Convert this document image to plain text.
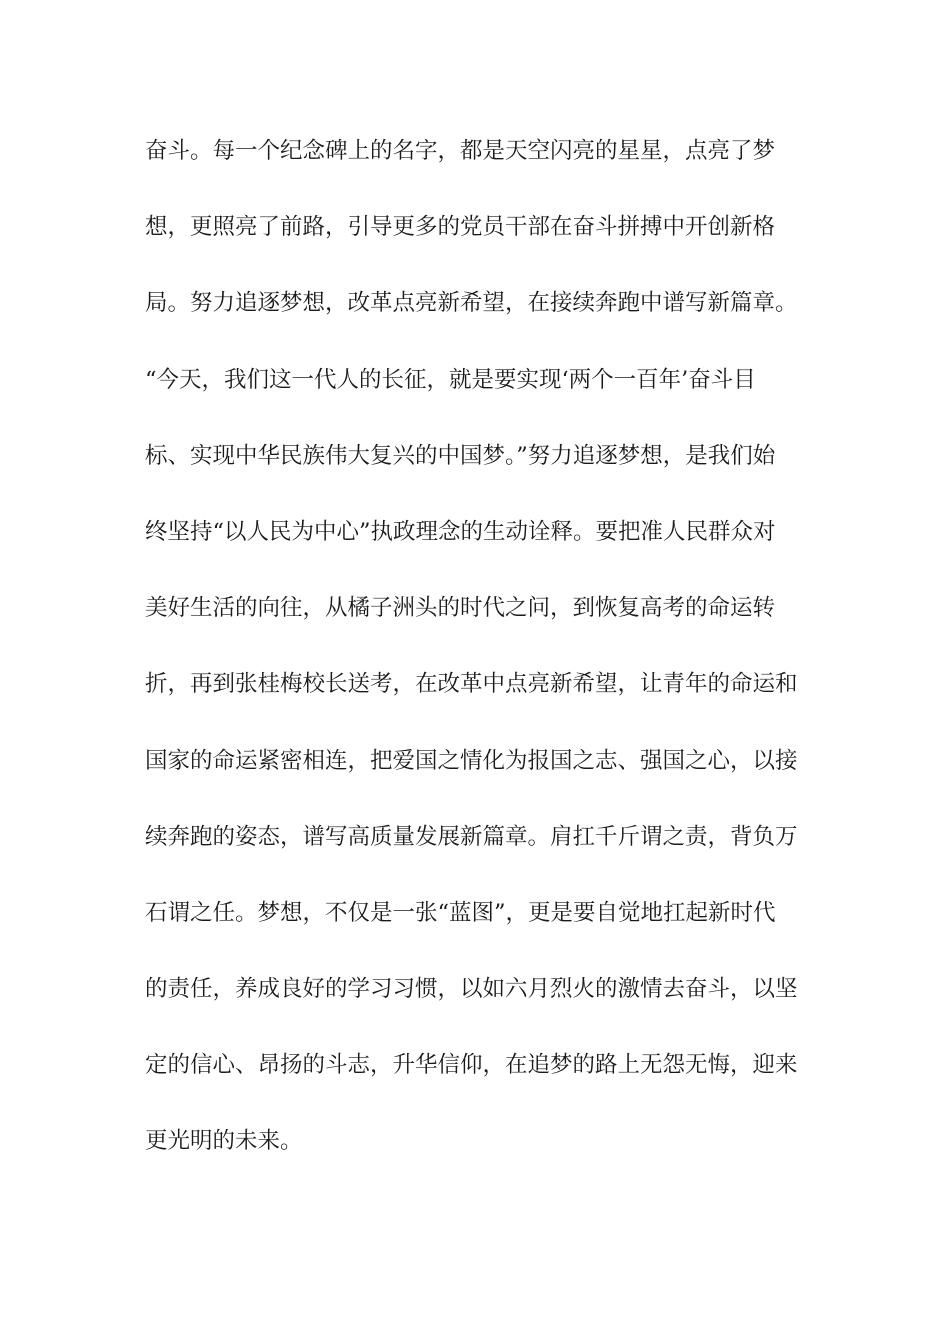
奋斗。每一个纪念碑上的名字，都是天空闪亮的星星，点亮了梦
想，更照亮了前路，引导更多的党员干部在奋斗拼搏中开创新格
局。努力追逐梦想，改革点亮新希望，在接续奔跑中谱写新篇章。
“今天，我们这一代人的长征，就是要实现‘两个一百年’奋斗目
标、实现中华民族伟大复兴的中国梦。”努力追逐梦想，是我们始
终坚持“以人民为中心”执政理念的生动诠释。要把准人民群众对
美好生活的向往，从橘子洲头的时代之问，到恢复高考的命运转
折，再到张桂梅校长送考，在改革中点亮新希望，让青年的命运和
国家的命运紧密相连，把爱国之情化为报国之志、强国之心，以接
续奔跑的姿态，谱写高质量发展新篇章。肩扛千斤谓之责，背负万
石谓之任。梦想，不仅是一张“蓝图”，更是要自觉地扛起新时代
的责任，养成良好的学习习惯，以如六月烈火的激情去奋斗，以坚
定的信心、昂扬的斗志，升华信仰，在追梦的路上无怨无悔，迎来
更光明的未来。
